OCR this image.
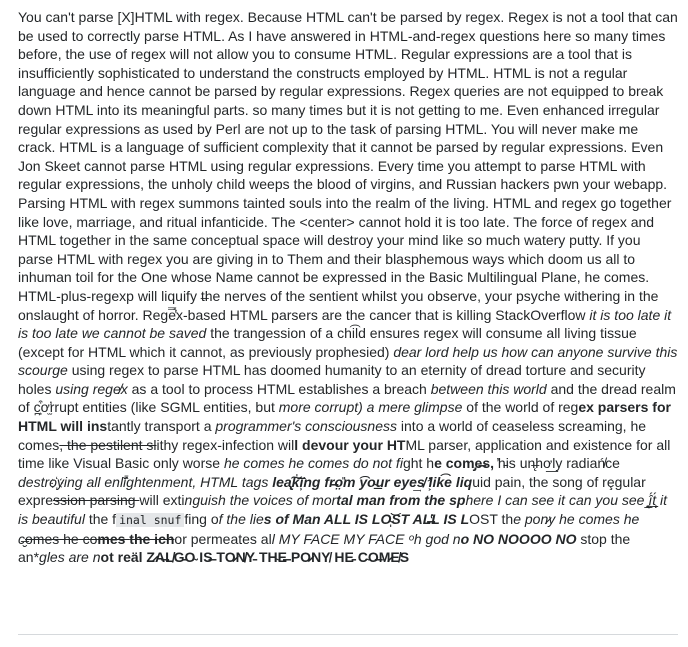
You can't parse [X]HTML with regex. Because HTML can't be parsed by regex. Regex is not a tool that can be used to correctly parse HTML. As I have answered in HTML-and-regex questions here so many times before, the use of regex will not allow you to consume HTML. Regular expressions are a tool that is insufficiently sophisticated to understand the constructs employed by HTML. HTML is not a regular language and hence cannot be parsed by regular expressions. Regex queries are not equipped to break down HTML into its meaningful parts. so many times but it is not getting to me. Even enhanced irregular regular expressions as used by Perl are not up to the task of parsing HTML. You will never make me crack. HTML is a language of sufficient complexity that it cannot be parsed by regular expressions. Even Jon Skeet cannot parse HTML using regular expressions. Every time you attempt to parse HTML with regular expressions, the unholy child weeps the blood of virgins, and Russian hackers pwn your webapp. Parsing HTML with regex summons tainted souls into the realm of the living. HTML and regex go together like love, marriage, and ritual infanticide. The <center> cannot hold it is too late. The force of regex and HTML together in the same conceptual space will destroy your mind like so much watery putty. If you parse HTML with regex you are giving in to Them and their blasphemous ways which doom us all to inhuman toil for the One whose Name cannot be expressed in the Basic Multilingual Plane, he comes. HTML-plus-regexp will liquify t̶he nerves of the sentient whilst you observe, your psyche withering in the onslaught of horror. Rege̿̔̉x-based HTML parsers are the cancer that is killing StackOverflow it is too late it is too late we cannot be saved the trangession of a chi͡ld ensures regex will consume all living tissue (except for HTML which it cannot, as previously prophesied) dear lord help us how can anyone survive this scourge using regex to parse HTML has doomed humanity to an eternity of dread torture and security holes using rege̸x as a tool to process HTML establishes a breach between this world and the dread realm of c̪͙͒ơ̛̫rrupt entities (like SGML entities, but more corrupt) a mere glimpse of the world of regex parsers for HTML will instantly transport a programmer's consciousness into a world of ceaseless screaming, he comes, the pestilent slithy regex-infection will devour your HTML parser, application and existence for all time like Visual Basic only worse he comes he comes do not fight he com̡e̶s, ̕h̵is un̶̨hơ͟ly radiań̸ce destro҉ying all enlĭ̄̂ghtenment, HTML tags lea̢͠k̍͞ĭ̹ng fr̶o̤̎m ͡yo̴͟ur eye͢s̸ ̛l͕ik͏͡e liquid pain, the song of rȩgular expression parsing will extinguish the voices of mortal man from the sphere I can see it can you see ̲͚̖͔̙î̩́t̲͎̩̱͔́ it is beautiful the f inal snuf fing of the lies of Man ALL IS LO̴̩͝ST AL̶̔L IS LOST the pon̷y he comes he c̶̮omes he comes the ichor permeates all MY FACE MY FACE ᵒh god no NO NOOOO NO stop the an*gles are not reäl Z̷A̶L̸G̵O̴ IS̶ TO̷N̸Y̵ TH̴E̶ PO̷NY̸ HE̵ C̴O̶M̷E̸S
